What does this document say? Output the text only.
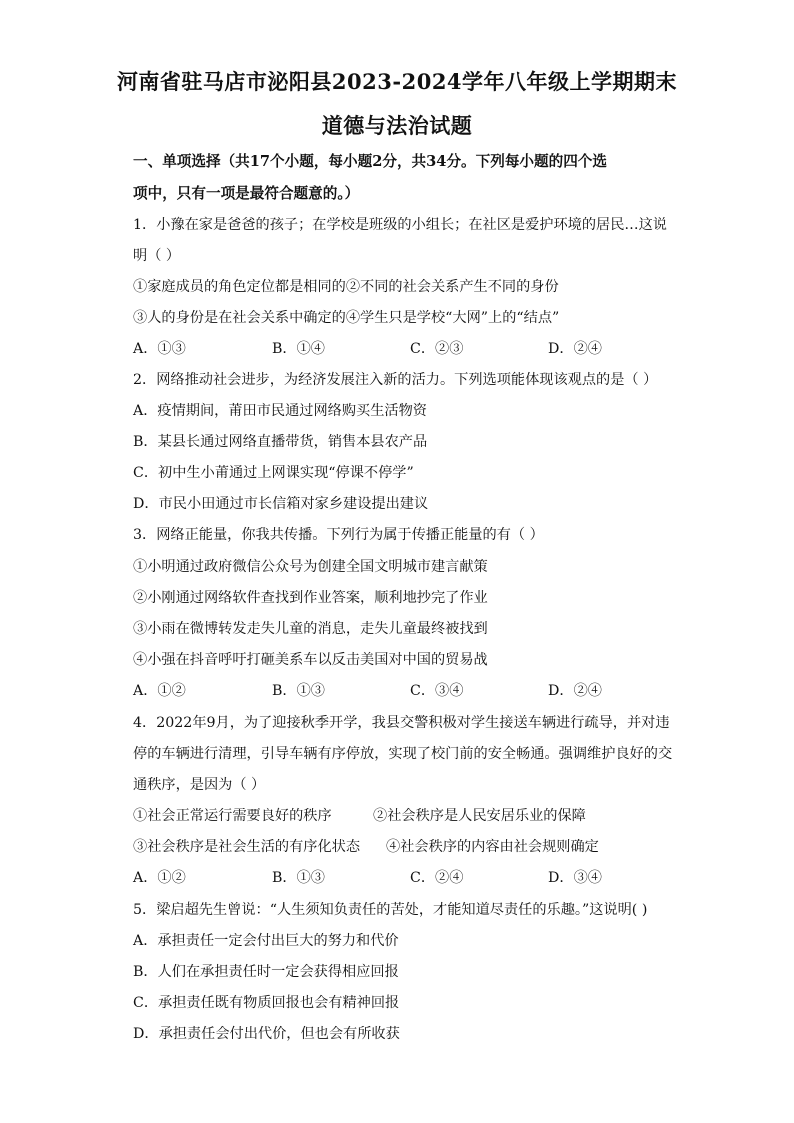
河南省驻马店市泌阳县2023-2024学年八年级上学期期末
道德与法治试题
一、单项选择（共17个小题，每小题2分，共34分。下列每小题的四个选
项中，只有一项是最符合题意的。）
1．小豫在家是爸爸的孩子；在学校是班级的小组长；在社区是爱护环境的居民…这说
明（ ）
①家庭成员的角色定位都是相同的②不同的社会关系产生不同的身份
③人的身份是在社会关系中确定的④学生只是学校“大网”上的“结点”
A．①③	B．①④	C．②③	D．②④
2．网络推动社会进步，为经济发展注入新的活力。下列选项能体现该观点的是（ ）
A．疫情期间，莆田市民通过网络购买生活物资
B．某县长通过网络直播带货，销售本县农产品
C．初中生小莆通过上网课实现“停课不停学”
D．市民小田通过市长信箱对家乡建设提出建议
3．网络正能量，你我共传播。下列行为属于传播正能量的有（ ）
①小明通过政府微信公众号为创建全国文明城市建言献策
②小刚通过网络软件查找到作业答案，顺利地抄完了作业
③小雨在微博转发走失儿童的消息，走失儿童最终被找到
④小强在抖音呼吁打砸美系车以反击美国对中国的贸易战
A．①②	B．①③	C．③④	D．②④
4．2022年9月，为了迎接秋季开学，我县交警积极对学生接送车辆进行疏导，并对违
停的车辆进行清理，引导车辆有序停放，实现了校门前的安全畅通。强调维护良好的交
通秩序，是因为（ ）
①社会正常运行需要良好的秩序	②社会秩序是人民安居乐业的保障
③社会秩序是社会生活的有序化状态 ④社会秩序的内容由社会规则确定
A．①②	B．①③	C．②④	D．③④
5．梁启超先生曾说：“人生须知负责任的苦处，才能知道尽责任的乐趣。”这说明( )
A．承担责任一定会付出巨大的努力和代价
B．人们在承担责任时一定会获得相应回报
C．承担责任既有物质回报也会有精神回报
D．承担责任会付出代价，但也会有所收获
